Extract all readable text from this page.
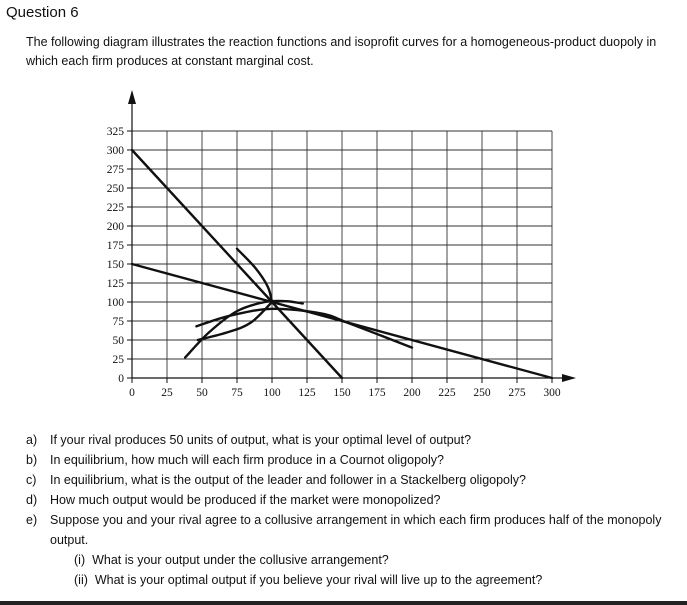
Question 6
The following diagram illustrates the reaction functions and isoprofit curves for a homogeneous-product duopoly in which each firm produces at constant marginal cost.
0
25
50
75
100
125
150
175
200
225
250
275
300
325
0 25 50 75 100 125 150 175 200 225 250 275 300
a) If your rival produces 50 units of output, what is your optimal level of output?
b) In equilibrium, how much will each firm produce in a Cournot oligopoly?
c) In equilibrium, what is the output of the leader and follower in a Stackelberg oligopoly?
d) How much output would be produced if the market were monopolized?
e) Suppose you and your rival agree to a collusive arrangement in which each firm produces half of the monopoly output.
(i) What is your output under the collusive arrangement?
(ii) What is your optimal output if you believe your rival will live up to the agreement?
